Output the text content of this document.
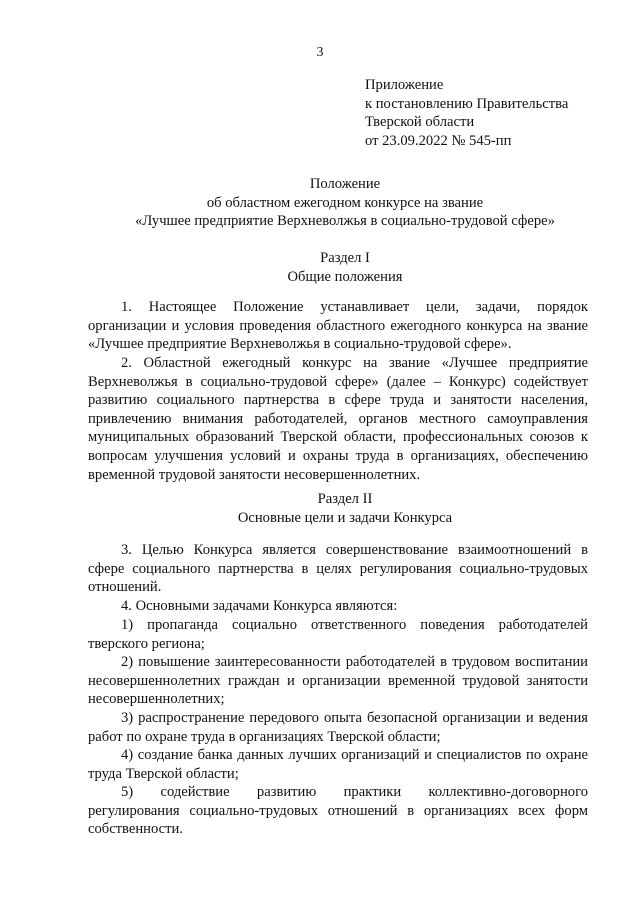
3
Приложение
к постановлению Правительства
Тверской области
от 23.09.2022 № 545-пп
Положение
об областном ежегодном конкурсе на звание
«Лучшее предприятие Верхневолжья в социально-трудовой сфере»
Раздел I
Общие положения

1. Настоящее Положение устанавливает цели, задачи, порядок организации и условия проведения областного ежегодного конкурса на звание «Лучшее предприятие Верхневолжья в социально-трудовой сфере».

2. Областной ежегодный конкурс на звание «Лучшее предприятие Верхневолжья в социально-трудовой сфере» (далее – Конкурс) содействует развитию социального партнерства в сфере труда и занятости населения, привлечению внимания работодателей, органов местного самоуправления муниципальных образований Тверской области, профессиональных союзов к вопросам улучшения условий и охраны труда в организациях, обеспечению временной трудовой занятости несовершеннолетних.

Раздел II
Основные цели и задачи Конкурса

3. Целью Конкурса является совершенствование взаимоотношений в сфере социального партнерства в целях регулирования социально-трудовых отношений.

4. Основными задачами Конкурса являются:

1) пропаганда социально ответственного поведения работодателей тверского региона;

2) повышение заинтересованности работодателей в трудовом воспитании несовершеннолетних граждан и организации временной трудовой занятости несовершеннолетних;

3) распространение передового опыта безопасной организации и ведения работ по охране труда в организациях Тверской области;

4) создание банка данных лучших организаций и специалистов по охране труда Тверской области;

5) содействие развитию практики коллективно-договорного регулирования социально-трудовых отношений в организациях всех форм собственности.
